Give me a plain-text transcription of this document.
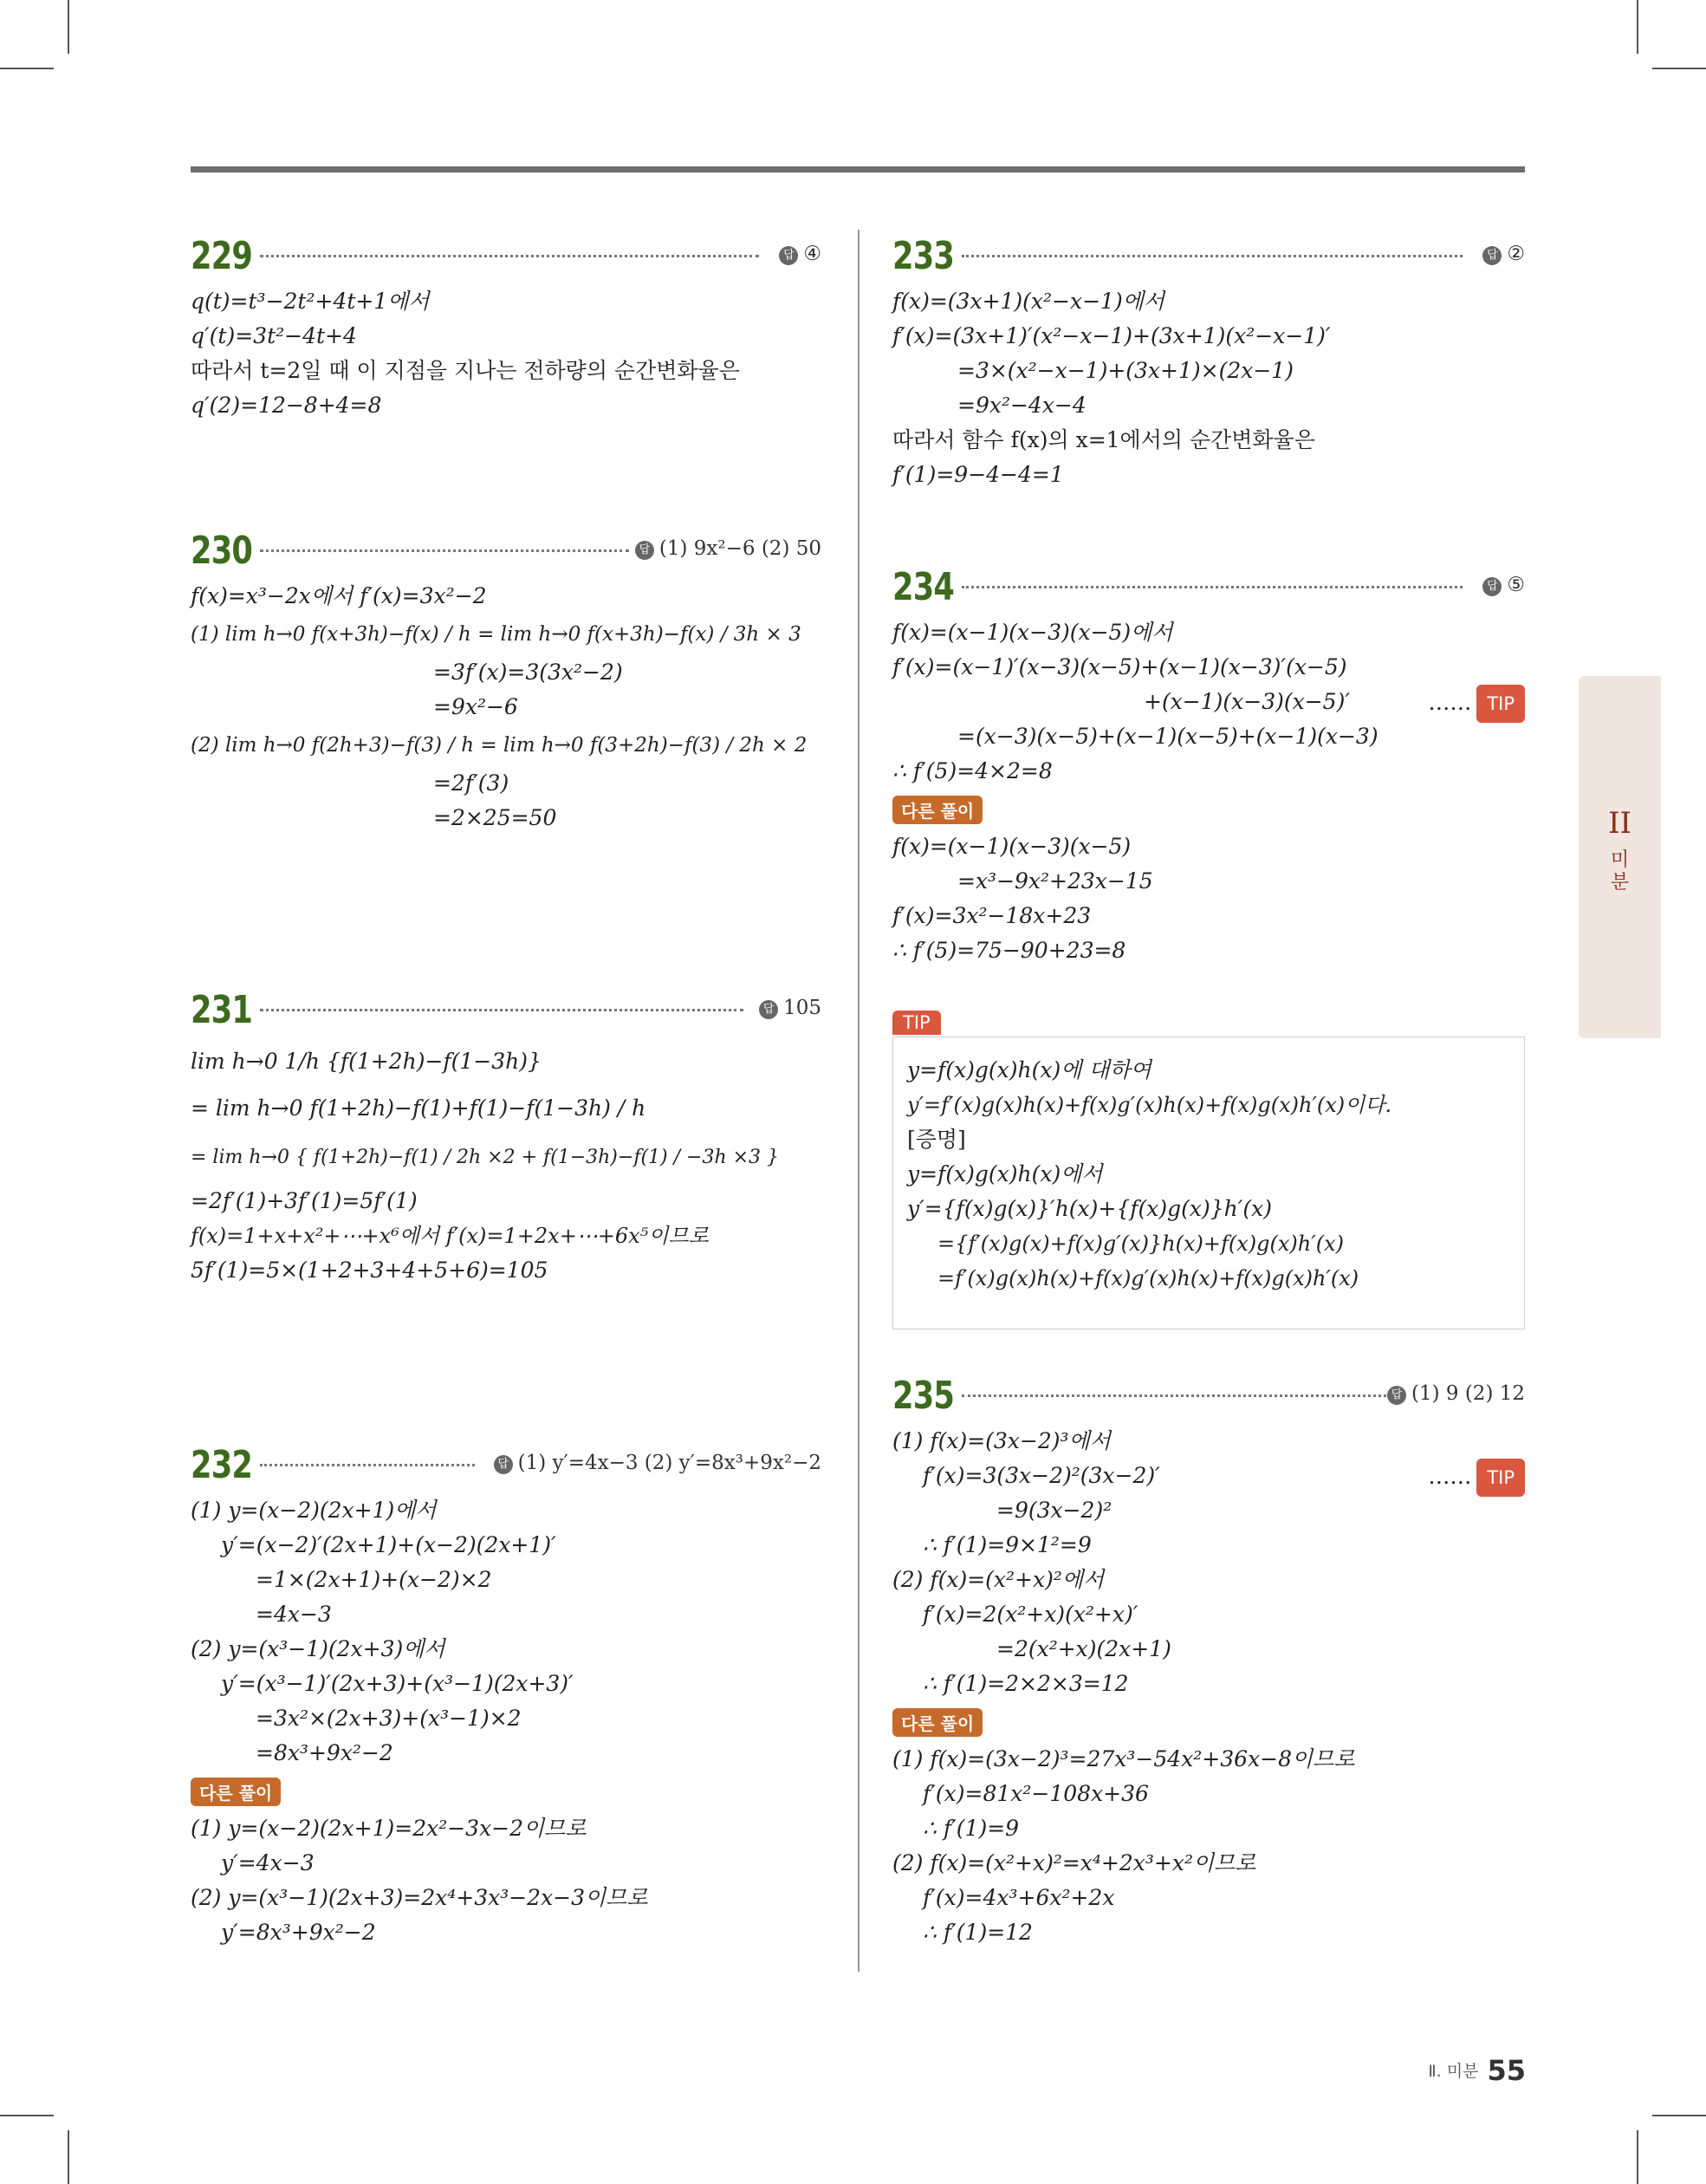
II
미분
229	답 ④
q(t)=t³−2t²+4t+1에서
q′(t)=3t²−4t+4
따라서 t=2일 때 이 지점을 지나는 전하량의 순간변화율은
q′(2)=12−8+4=8
230	답 (1) 9x²−6 (2) 50
f(x)=x³−2x에서 f′(x)=3x²−2
(1) lim h→0 f(x+3h)−f(x) / h = lim h→0 f(x+3h)−f(x) / 3h × 3
=3f′(x)=3(3x²−2)
=9x²−6
(2) lim h→0 f(2h+3)−f(3) / h = lim h→0 f(3+2h)−f(3) / 2h × 2
=2f′(3)
=2×25=50
231	답 105
lim h→0 1/h {f(1+2h)−f(1−3h)}
= lim h→0 f(1+2h)−f(1)+f(1)−f(1−3h) / h
= lim h→0 { f(1+2h)−f(1) / 2h ×2 + f(1−3h)−f(1) / −3h ×3 }
=2f′(1)+3f′(1)=5f′(1)
f(x)=1+x+x²+⋯+x⁶에서 f′(x)=1+2x+⋯+6x⁵이므로
5f′(1)=5×(1+2+3+4+5+6)=105
232	답 (1) y′=4x−3 (2) y′=8x³+9x²−2
(1) y=(x−2)(2x+1)에서
y′=(x−2)′(2x+1)+(x−2)(2x+1)′
=1×(2x+1)+(x−2)×2
=4x−3
(2) y=(x³−1)(2x+3)에서
y′=(x³−1)′(2x+3)+(x³−1)(2x+3)′
=3x²×(2x+3)+(x³−1)×2
=8x³+9x²−2
다른 풀이
(1) y=(x−2)(2x+1)=2x²−3x−2이므로
y′=4x−3
(2) y=(x³−1)(2x+3)=2x⁴+3x³−2x−3이므로
y′=8x³+9x²−2
233	답 ②
f(x)=(3x+1)(x²−x−1)에서
f′(x)=(3x+1)′(x²−x−1)+(3x+1)(x²−x−1)′
=3×(x²−x−1)+(3x+1)×(2x−1)
=9x²−4x−4
따라서 함수 f(x)의 x=1에서의 순간변화율은
f′(1)=9−4−4=1
234	답 ⑤
f(x)=(x−1)(x−3)(x−5)에서
f′(x)=(x−1)′(x−3)(x−5)+(x−1)(x−3)′(x−5)
+(x−1)(x−3)(x−5)′	…… TIP
=(x−3)(x−5)+(x−1)(x−5)+(x−1)(x−3)
∴ f′(5)=4×2=8
다른 풀이
f(x)=(x−1)(x−3)(x−5)
=x³−9x²+23x−15
f′(x)=3x²−18x+23
∴ f′(5)=75−90+23=8
TIP
y=f(x)g(x)h(x)에 대하여
y′=f′(x)g(x)h(x)+f(x)g′(x)h(x)+f(x)g(x)h′(x)이다.
[증명]
y=f(x)g(x)h(x)에서
y′={f(x)g(x)}′h(x)+{f(x)g(x)}h′(x)
={f′(x)g(x)+f(x)g′(x)}h(x)+f(x)g(x)h′(x)
=f′(x)g(x)h(x)+f(x)g′(x)h(x)+f(x)g(x)h′(x)
235	답 (1) 9 (2) 12
(1) f(x)=(3x−2)³에서
f′(x)=3(3x−2)²(3x−2)′	…… TIP
=9(3x−2)²
∴ f′(1)=9×1²=9
(2) f(x)=(x²+x)²에서
f′(x)=2(x²+x)(x²+x)′
=2(x²+x)(2x+1)
∴ f′(1)=2×2×3=12
다른 풀이
(1) f(x)=(3x−2)³=27x³−54x²+36x−8이므로
f′(x)=81x²−108x+36
∴ f′(1)=9
(2) f(x)=(x²+x)²=x⁴+2x³+x²이므로
f′(x)=4x³+6x²+2x
∴ f′(1)=12
Ⅱ. 미분 55
